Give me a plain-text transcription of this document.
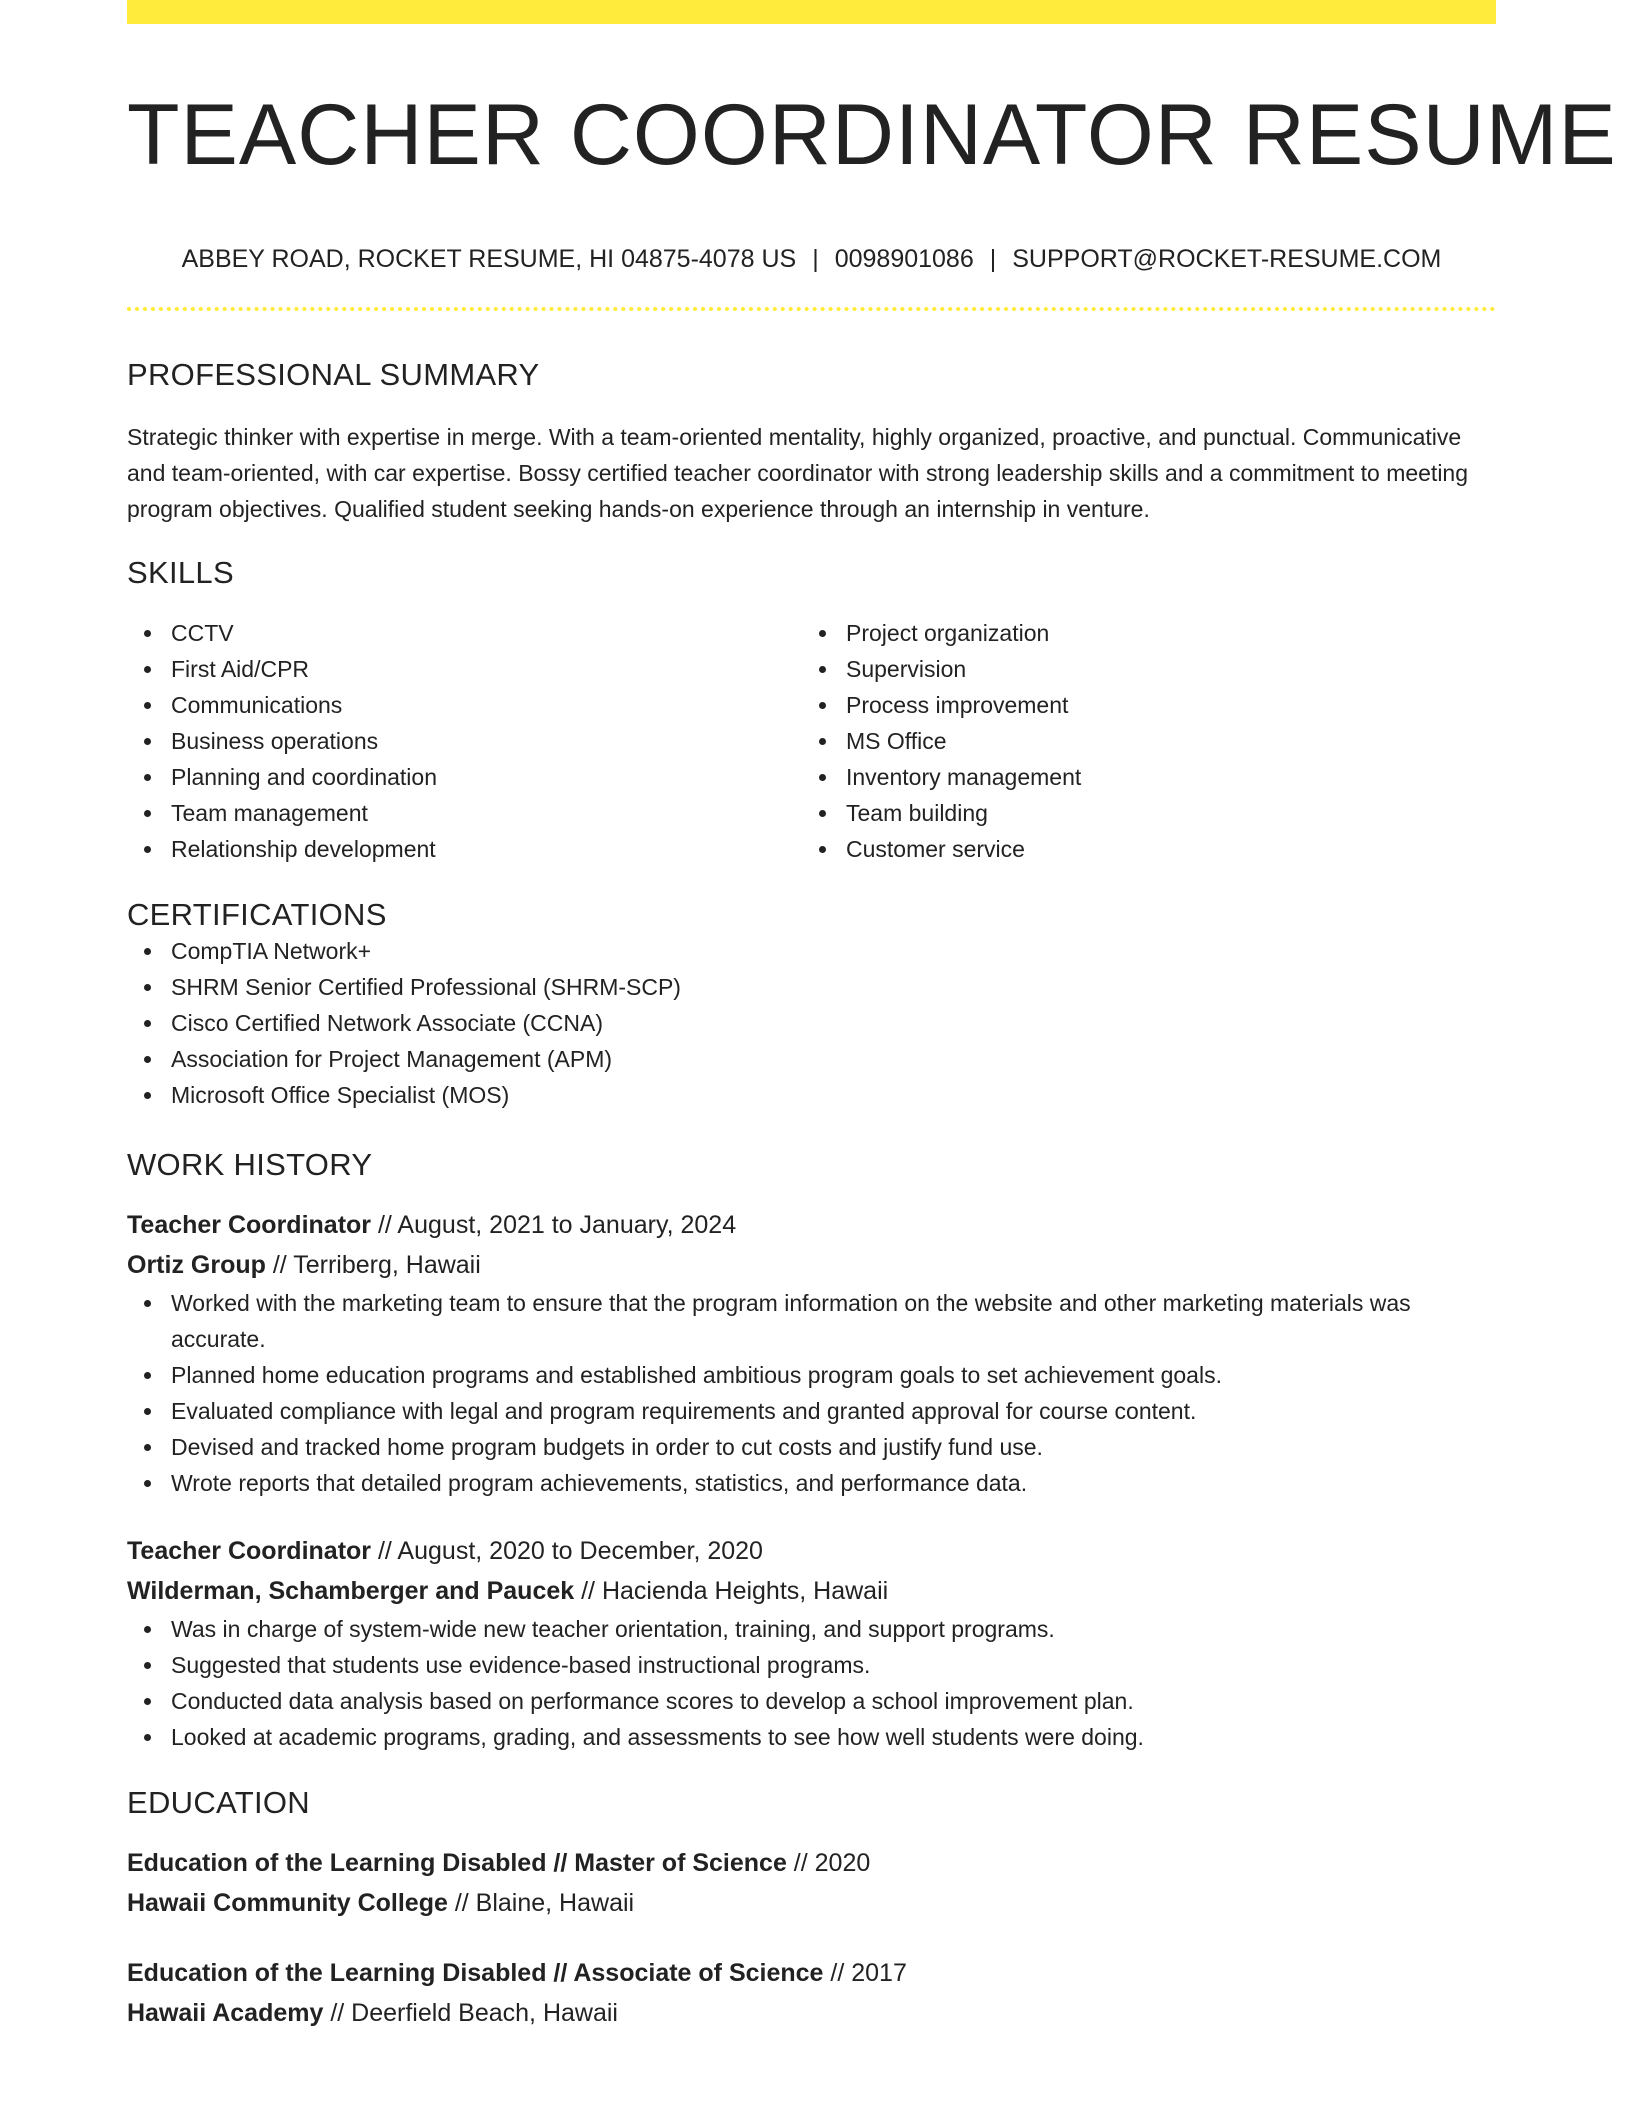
TEACHER COORDINATOR RESUME
ABBEY ROAD, ROCKET RESUME, HI 04875-4078 US | 0098901086 | SUPPORT@ROCKET-RESUME.COM
PROFESSIONAL SUMMARY
Strategic thinker with expertise in merge. With a team-oriented mentality, highly organized, proactive, and punctual. Communicative and team-oriented, with car expertise. Bossy certified teacher coordinator with strong leadership skills and a commitment to meeting program objectives. Qualified student seeking hands-on experience through an internship in venture.
SKILLS
CCTV
First Aid/CPR
Communications
Business operations
Planning and coordination
Team management
Relationship development
Project organization
Supervision
Process improvement
MS Office
Inventory management
Team building
Customer service
CERTIFICATIONS
CompTIA Network+
SHRM Senior Certified Professional (SHRM-SCP)
Cisco Certified Network Associate (CCNA)
Association for Project Management (APM)
Microsoft Office Specialist (MOS)
WORK HISTORY
Teacher Coordinator // August, 2021 to January, 2024
Ortiz Group // Terriberg, Hawaii
Worked with the marketing team to ensure that the program information on the website and other marketing materials was accurate.
Planned home education programs and established ambitious program goals to set achievement goals.
Evaluated compliance with legal and program requirements and granted approval for course content.
Devised and tracked home program budgets in order to cut costs and justify fund use.
Wrote reports that detailed program achievements, statistics, and performance data.
Teacher Coordinator // August, 2020 to December, 2020
Wilderman, Schamberger and Paucek // Hacienda Heights, Hawaii
Was in charge of system-wide new teacher orientation, training, and support programs.
Suggested that students use evidence-based instructional programs.
Conducted data analysis based on performance scores to develop a school improvement plan.
Looked at academic programs, grading, and assessments to see how well students were doing.
EDUCATION
Education of the Learning Disabled // Master of Science // 2020
Hawaii Community College // Blaine, Hawaii
Education of the Learning Disabled // Associate of Science // 2017
Hawaii Academy // Deerfield Beach, Hawaii
